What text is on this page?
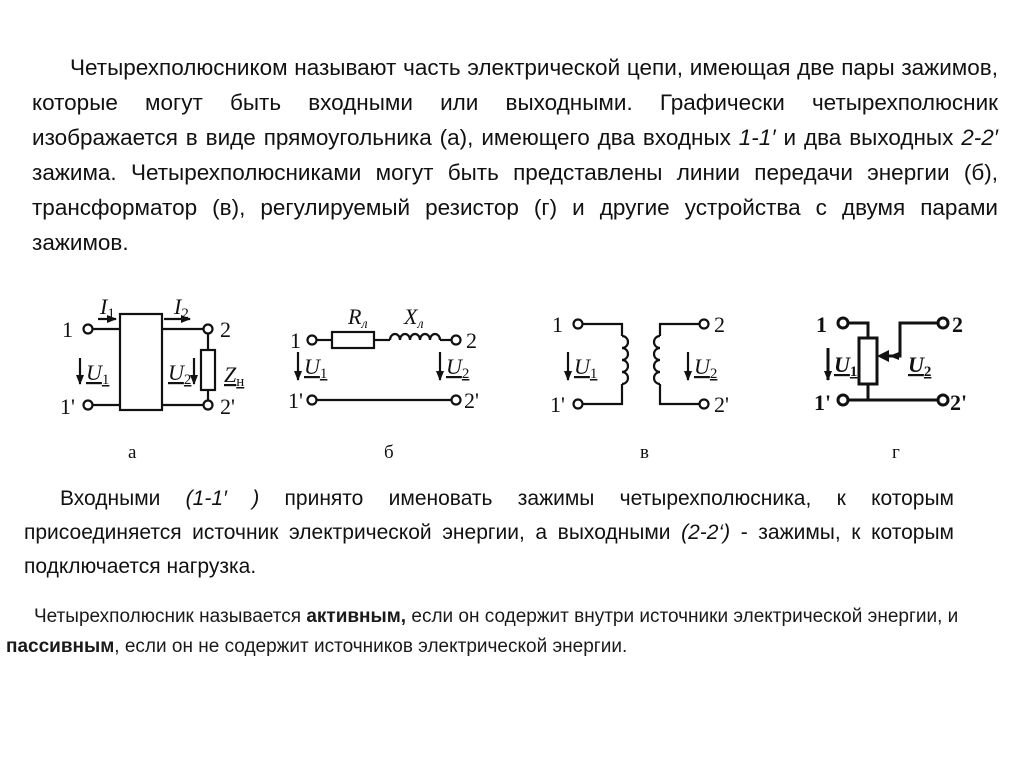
Четырехполюсником называют часть электрической цепи, имеющая две пары зажимов, которые могут быть входными или выходными. Графически четырехполюсник изображается в виде прямоугольника (а), имеющего два входных 1-1′ и два выходных 2-2′ зажима. Четырехполюсниками могут быть представлены линии передачи энергии (б), трансформатор (в), регулируемый резистор (г) и другие устройства с двумя парами зажимов.

1
1'
2
2'
I1	I2
U1	U2 Zн
а
1
1'
2
2'
Rл Xл
U1	U2
б
1
1'
2
2'
U1	U2
в
1
1'
2
2'
U1 U2
г

Входными (1-1′ ) принято именовать зажимы четырехполюсника, к которым присоединяется источник электрической энергии, а выходными (2-2‘) - зажимы, к которым подключается нагрузка.

Четырехполюсник называется активным, если он содержит внутри источники электрической энергии, и пассивным, если он не содержит источников электрической энергии.
